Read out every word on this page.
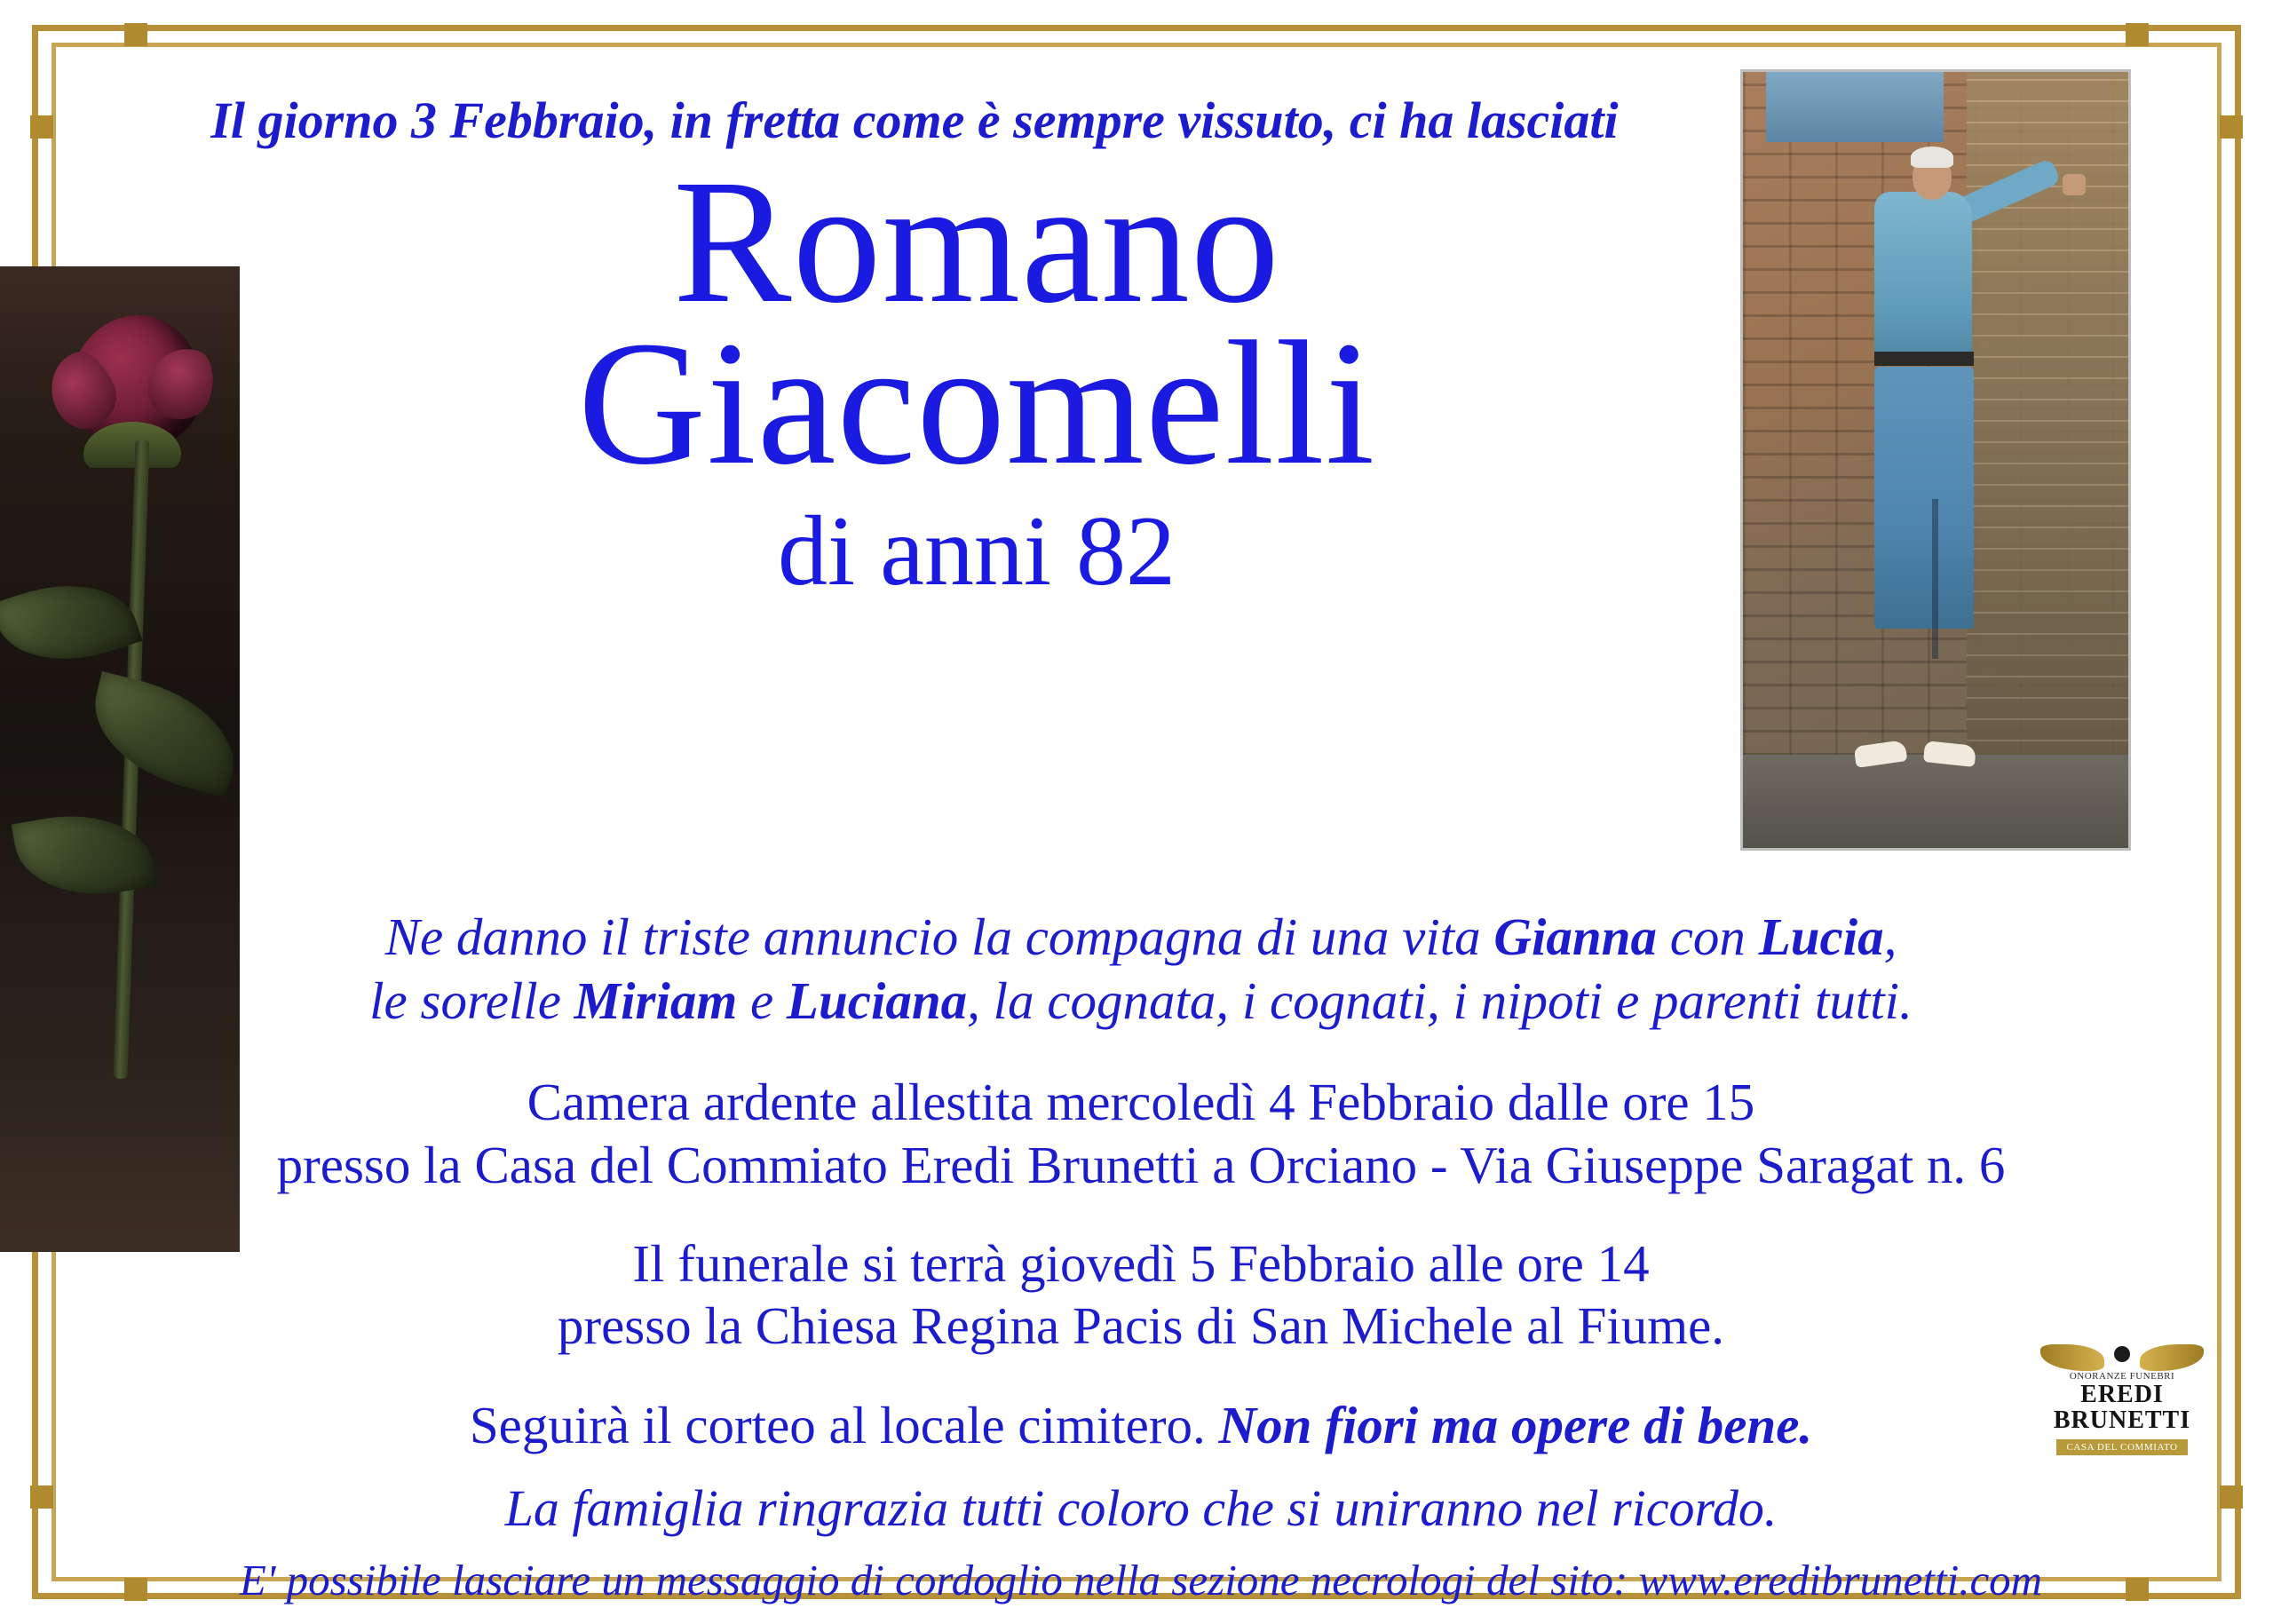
Il giorno 3 Febbraio, in fretta come è sempre vissuto, ci ha lasciati
Romano
Giacomelli
di anni 82
Ne danno il triste annuncio la compagna di una vita Gianna con Lucia,
le sorelle Miriam e Luciana, la cognata, i cognati, i nipoti e parenti tutti.
Camera ardente allestita mercoledì 4 Febbraio dalle ore 15
presso la Casa del Commiato Eredi Brunetti a Orciano - Via Giuseppe Saragat n. 6
Il funerale si terrà giovedì 5 Febbraio alle ore 14
presso la Chiesa Regina Pacis di San Michele al Fiume.
Seguirà il corteo al locale cimitero. Non fiori ma opere di bene.
La famiglia ringrazia tutti coloro che si uniranno nel ricordo.
E' possibile lasciare un messaggio di cordoglio nella sezione necrologi del sito: www.eredibrunetti.com
ONORANZE FUNEBRI
EREDI
BRUNETTI
CASA DEL COMMIATO
